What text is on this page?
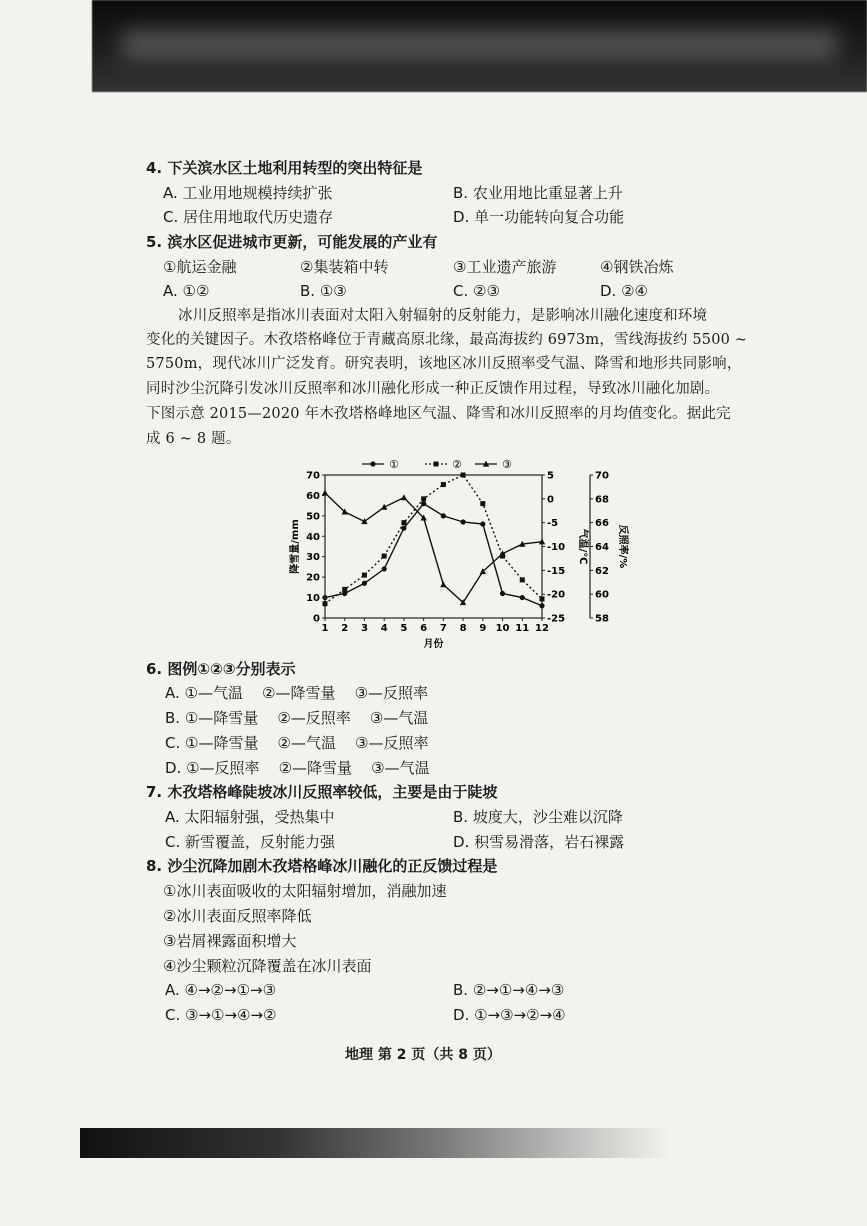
4. 下关滨水区土地利用转型的突出特征是
A. 工业用地规模持续扩张	B. 农业用地比重显著上升
C. 居住用地取代历史遗存	D. 单一功能转向复合功能
5. 滨水区促进城市更新，可能发展的产业有
①航运金融	②集装箱中转	③工业遗产旅游	④钢铁冶炼
A. ①②	B. ①③	C. ②③	D. ②④
冰川反照率是指冰川表面对太阳入射辐射的反射能力，是影响冰川融化速度和环境
变化的关键因子。木孜塔格峰位于青藏高原北缘，最高海拔约 6973m，雪线海拔约 5500 ~
5750m，现代冰川广泛发育。研究表明，该地区冰川反照率受气温、降雪和地形共同影响，
同时沙尘沉降引发冰川反照率和冰川融化形成一种正反馈作用过程，导致冰川融化加剧。
下图示意 2015—2020 年木孜塔格峰地区气温、降雪和冰川反照率的月均值变化。据此完
成 6 ~ 8 题。
1 2 3 4 5 6 7 8 9 10 11 12
月份
0
10
20
30
40
50
60
70
降雪量/mm
-25
-20
-15
-10
-5
0
5
气温/℃
58
60
62
64
66
68
70
反照率/%
①	②	③
6. 图例①②③分别表示
A. ①—气温    ②—降雪量    ③—反照率
B. ①—降雪量    ②—反照率    ③—气温
C. ①—降雪量    ②—气温    ③—反照率
D. ①—反照率    ②—降雪量    ③—气温
7. 木孜塔格峰陡坡冰川反照率较低，主要是由于陡坡
A. 太阳辐射强，受热集中	B. 坡度大，沙尘难以沉降
C. 新雪覆盖，反射能力强	D. 积雪易滑落，岩石裸露
8. 沙尘沉降加剧木孜塔格峰冰川融化的正反馈过程是
①冰川表面吸收的太阳辐射增加，消融加速
②冰川表面反照率降低
③岩屑裸露面积增大
④沙尘颗粒沉降覆盖在冰川表面
A. ④→②→①→③	B. ②→①→④→③
C. ③→①→④→②	D. ①→③→②→④
地理 第 2 页（共 8 页）
